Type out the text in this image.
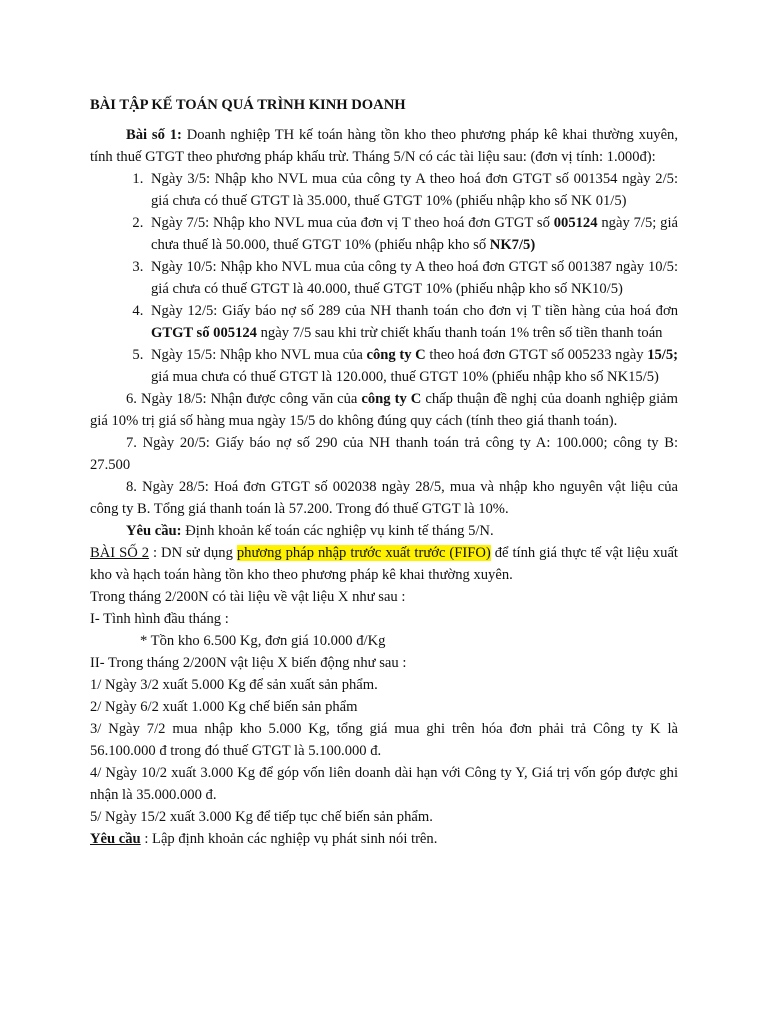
BÀI TẬP KẾ TOÁN QUÁ TRÌNH KINH DOANH

Bài số 1: Doanh nghiệp TH kế toán hàng tồn kho theo phương pháp kê khai thường xuyên, tính thuế GTGT theo phương pháp khấu trừ. Tháng 5/N có các tài liệu sau: (đơn vị tính: 1.000đ):

1. Ngày 3/5: Nhập kho NVL mua của công ty A theo hoá đơn GTGT số 001354 ngày 2/5: giá chưa có thuế GTGT là 35.000, thuế GTGT 10% (phiếu nhập kho số NK 01/5)
2. Ngày 7/5: Nhập kho NVL mua của đơn vị T theo hoá đơn GTGT số 005124 ngày 7/5; giá chưa thuế là 50.000, thuế GTGT 10% (phiếu nhập kho số NK7/5)
3. Ngày 10/5: Nhập kho NVL mua của công ty A theo hoá đơn GTGT số 001387 ngày 10/5: giá chưa có thuế GTGT là 40.000, thuế GTGT 10% (phiếu nhập kho số NK10/5)
4. Ngày 12/5: Giấy báo nợ số 289 của NH thanh toán cho đơn vị T tiền hàng của hoá đơn GTGT số 005124 ngày 7/5 sau khi trừ chiết khấu thanh toán 1% trên số tiền thanh toán
5. Ngày 15/5: Nhập kho NVL mua của công ty C theo hoá đơn GTGT số 005233 ngày 15/5; giá mua chưa có thuế GTGT là 120.000, thuế GTGT 10% (phiếu nhập kho số NK15/5)

6. Ngày 18/5: Nhận được công văn của công ty C chấp thuận đề nghị của doanh nghiệp giảm giá 10% trị giá số hàng mua ngày 15/5 do không đúng quy cách (tính theo giá thanh toán).

7. Ngày 20/5: Giấy báo nợ số 290 của NH thanh toán trả công ty A: 100.000; công ty B: 27.500

8. Ngày 28/5: Hoá đơn GTGT số 002038 ngày 28/5, mua và nhập kho nguyên vật liệu của công ty B. Tổng giá thanh toán là 57.200. Trong đó thuế GTGT là 10%.

Yêu cầu: Định khoản kế toán các nghiệp vụ kinh tế tháng 5/N.

BÀI SỐ 2 : DN sử dụng phương pháp nhập trước xuất trước (FIFO) để tính giá thực tế vật liệu xuất kho và hạch toán hàng tồn kho theo phương pháp kê khai thường xuyên.

Trong tháng 2/200N có tài liệu về vật liệu X như sau :

I- Tình hình đầu tháng :

* Tồn kho 6.500 Kg, đơn giá 10.000 đ/Kg

II- Trong tháng 2/200N vật liệu X biến động như sau :

1/ Ngày 3/2 xuất 5.000 Kg để sản xuất sản phẩm.

2/ Ngày 6/2 xuất 1.000 Kg chế biến sản phẩm

3/ Ngày 7/2 mua nhập kho 5.000 Kg, tổng giá mua ghi trên hóa đơn phải trả Công ty K là 56.100.000 đ trong đó thuế GTGT là 5.100.000 đ.

4/ Ngày 10/2 xuất 3.000 Kg để góp vốn liên doanh dài hạn với Công ty Y, Giá trị vốn góp được ghi nhận là 35.000.000 đ.

5/ Ngày 15/2 xuất 3.000 Kg để tiếp tục chế biến sản phẩm.

Yêu cầu : Lập định khoản các nghiệp vụ phát sinh nói trên.
